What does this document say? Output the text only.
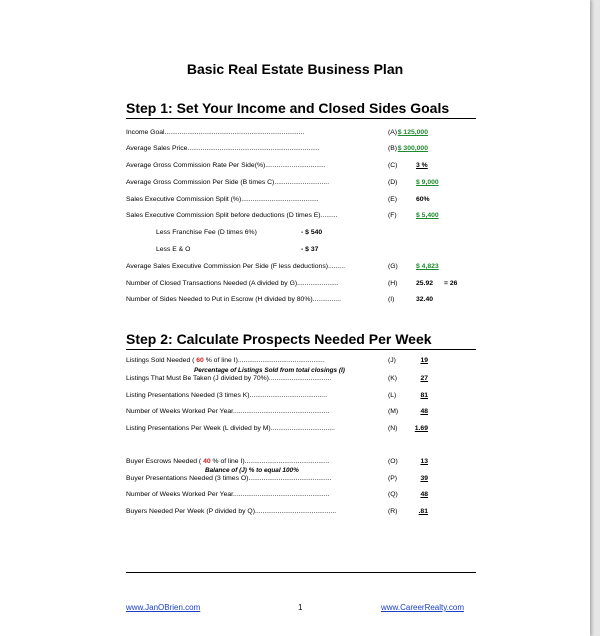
Basic Real Estate Business Plan
Step 1: Set Your Income and Closed Sides Goals
Income Goal..........................................................................	(A) $ 125,000
Average Sales Price......................................................................	(B) $ 300,000
Average Gross Commission Rate Per Side(%)................................	(C)	3 %
Average Gross Commission Per Side (B times C).............................	(D)	$ 9,000
Sales Executive Commission Split (%).........................................	(E)	60%
Sales Executive Commission Split before deductions (D times E).........	(F)	$ 5,400
Less Franchise Fee (D times 6%)	- $ 540
Less E & O	- $ 37
Average Sales Executive Commission Per Side (F less deductions).........	(G)	$ 4,823
Number of Closed Transactions Needed (A divided by G)......................	(H)	25.92 = 26
Number of Sides Needed to Put in Escrow (H divided by 80%)...............	(I)	32.40
Step 2: Calculate Prospects Needed Per Week
Listings Sold Needed ( 60 % of line I)..............................................	(J)	19
Percentage of Listings Sold from total closings (I)
Listings That Must Be Taken (J divided by 70%).................................	(K)	27
Listing Presentations Needed (3 times K).........................................	(L)	81
Number of Weeks Worked Per Year...................................................	(M)	48
Listing Presentations Per Week (L divided by M)..................................	(N)	1.69
Buyer Escrows Needed ( 40 % of line I).............................................	(O)	13
Balance of (J) % to equal 100%
Buyer Presentations Needed (3 times O)............................................	(P)	39
Number of Weeks Worked Per Year...................................................	(Q)	48
Buyers Needed Per Week (P divided by Q)...........................................	(R)	.81
www.JanOBrien.com	1	www.CareerRealty.com
